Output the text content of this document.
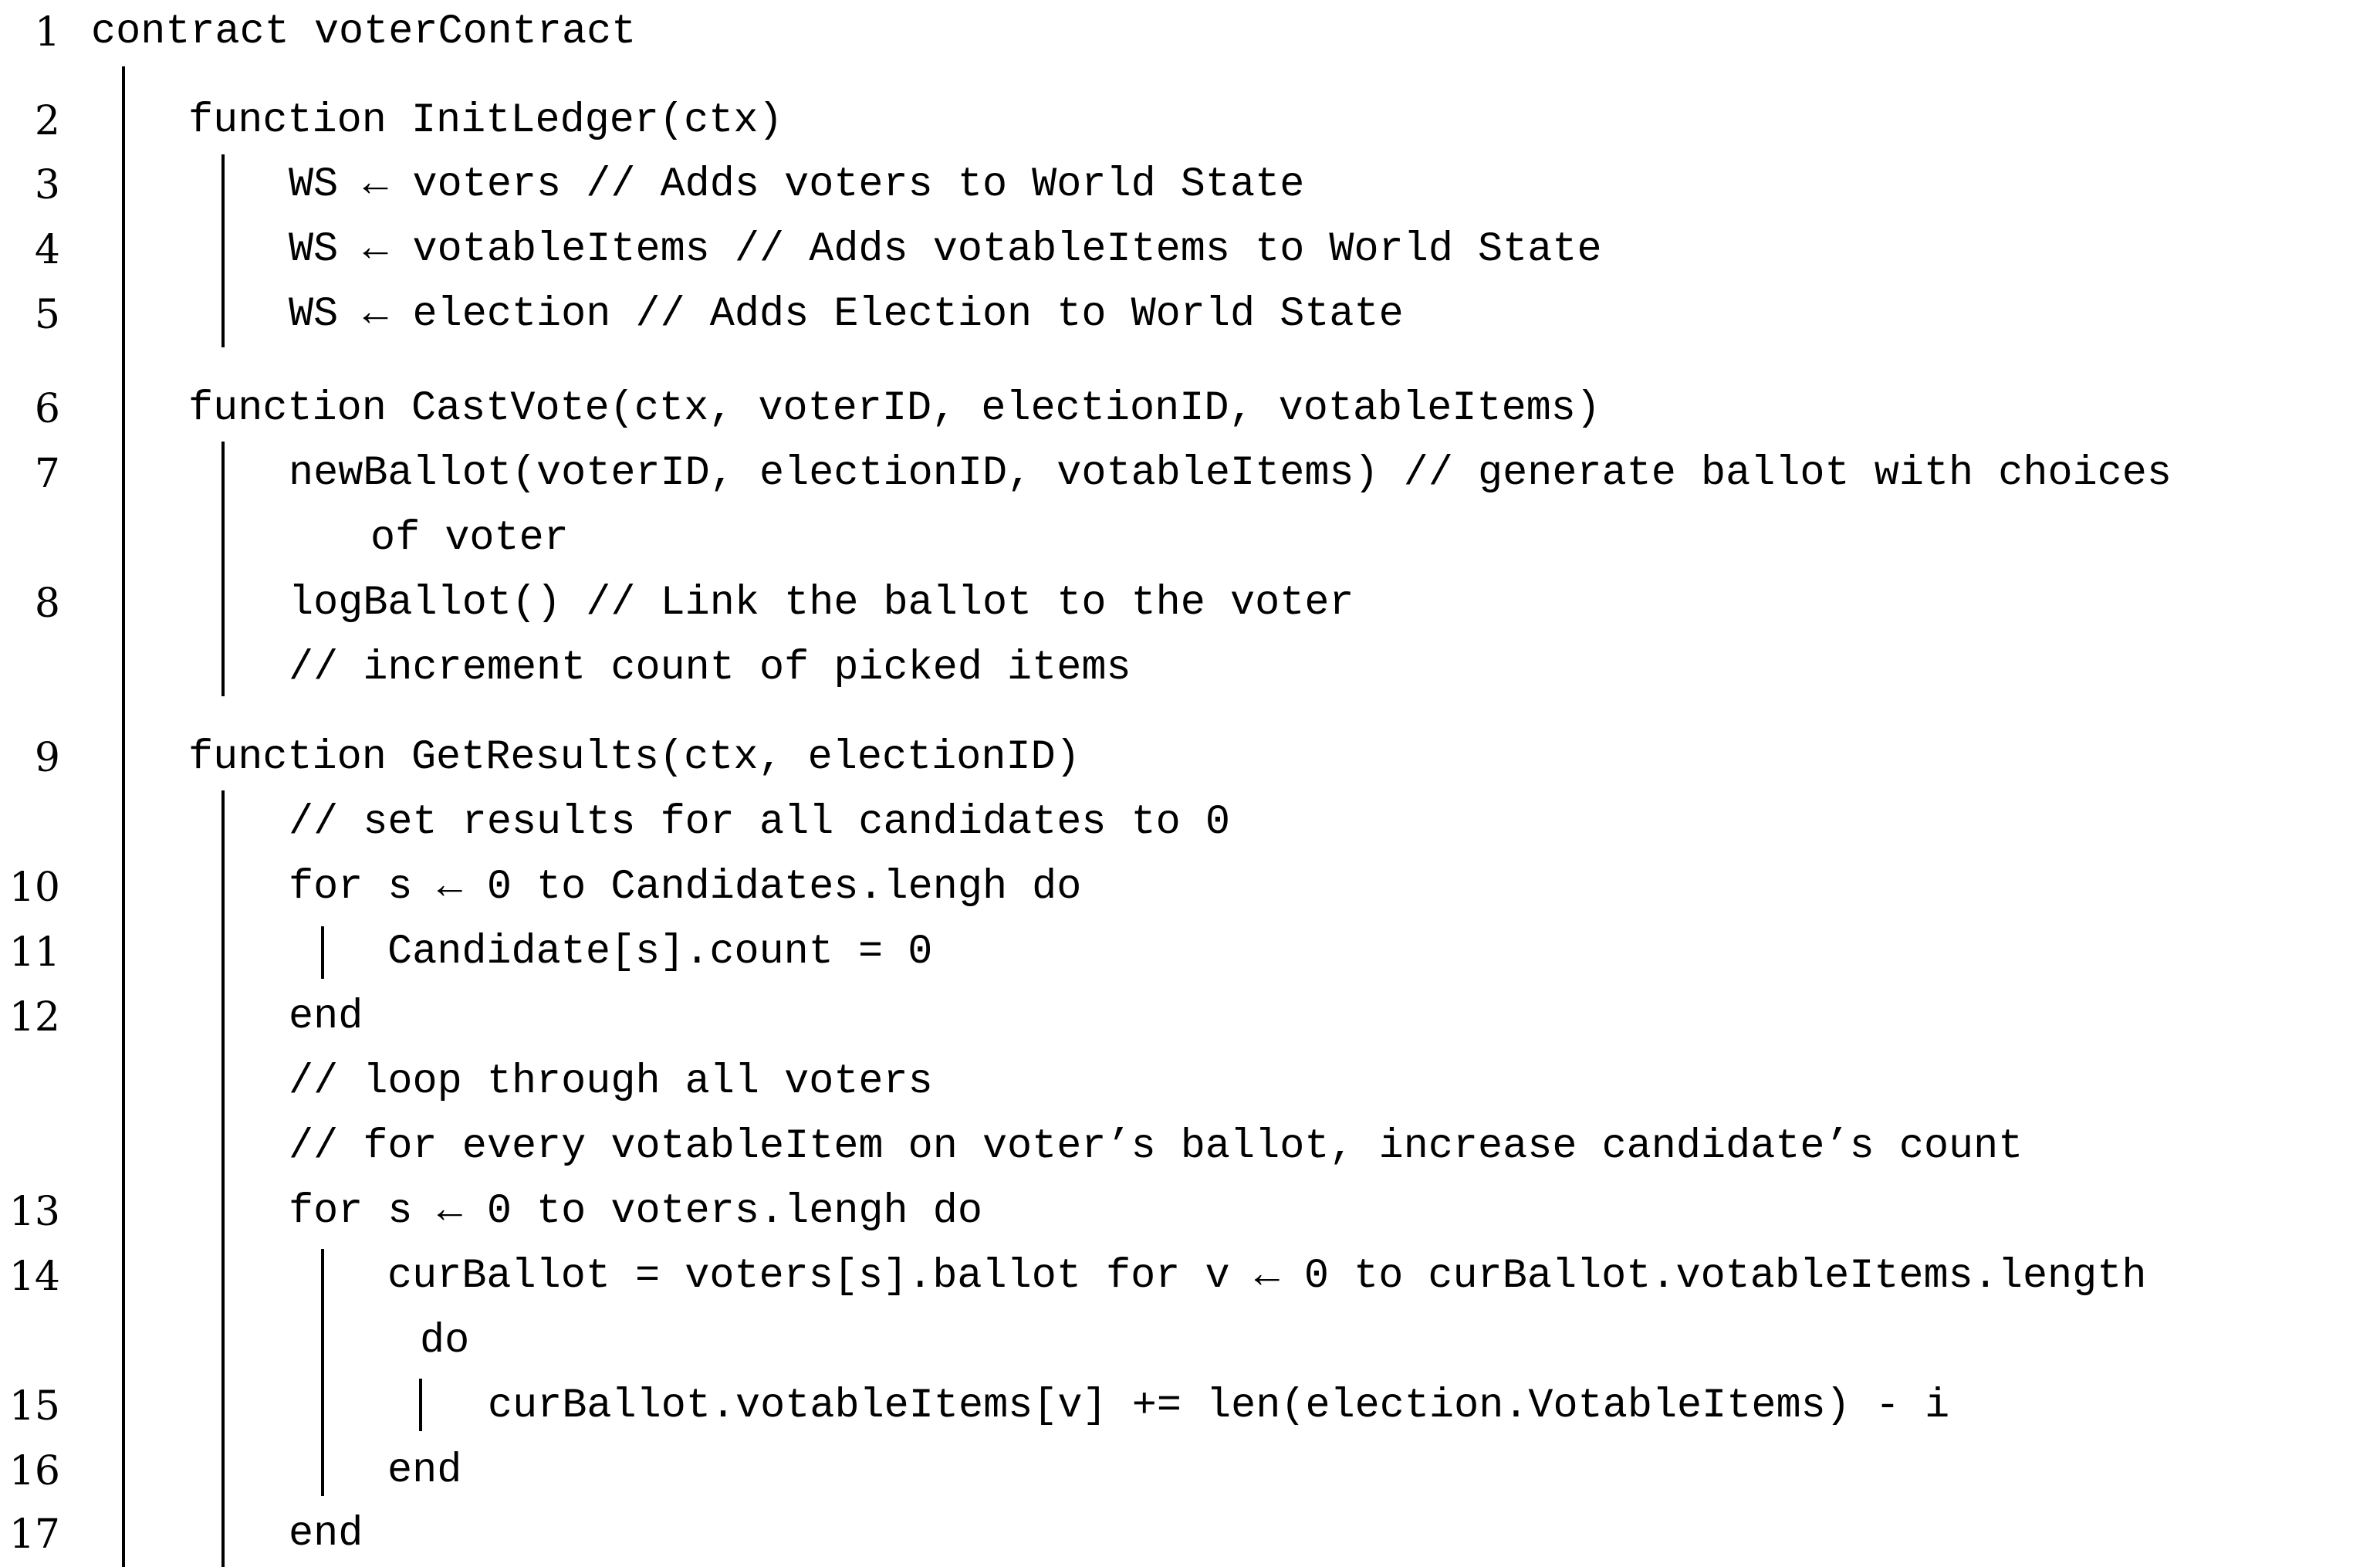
1 contract voterContract
2	function InitLedger(ctx)
3	WS ← voters // Adds voters to World State
4	WS ← votableItems // Adds votableItems to World State
5	WS ← election // Adds Election to World State
6	function CastVote(ctx, voterID, electionID, votableItems)
7	newBallot(voterID, electionID, votableItems) // generate ballot with choices
of voter
8	logBallot() // Link the ballot to the voter
// increment count of picked items
9	function GetResults(ctx, electionID)
// set results for all candidates to 0
10	for s ← 0 to Candidates.lengh do
11	Candidate[s].count = 0
12	end
// loop through all voters
// for every votableItem on voter’s ballot, increase candidate’s count
13	for s ← 0 to voters.lengh do
14	curBallot = voters[s].ballot for v ← 0 to curBallot.votableItems.length
do
15	curBallot.votableItems[v] += len(election.VotableItems) - i
16	end
17	end
